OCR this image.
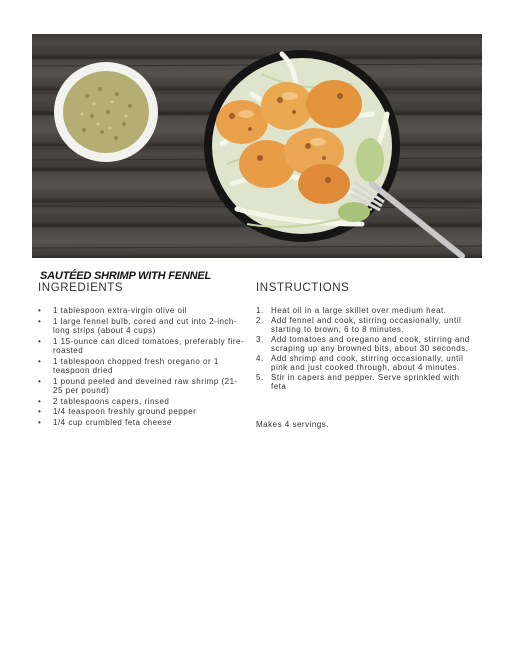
SAUTÉED SHRIMP WITH FENNEL
INGREDIENTS	INSTRUCTIONS
• 1 tablespoon extra-virgin olive oil
• 1 large fennel bulb, cored and cut into 2-inch-long strips (about 4 cups)
• 1 15-ounce can diced tomatoes, preferably fire-roasted
• 1 tablespoon chopped fresh oregano or 1 teaspoon dried
• 1 pound peeled and deveined raw shrimp (21-25 per pound)
• 2 tablespoons capers, rinsed
• 1/4 teaspoon freshly ground pepper
• 1/4 cup crumbled feta cheese
1. Heat oil in a large skillet over medium heat.
2. Add fennel and cook, stirring occasionally, until starting to brown, 6 to 8 minutes.
3. Add tomatoes and oregano and cook, stirring and scraping up any browned bits, about 30 seconds.
4. Add shrimp and cook, stirring occasionally, until pink and just cooked through, about 4 minutes.
5. Stir in capers and pepper. Serve sprinkled with feta
Makes 4 servings.
